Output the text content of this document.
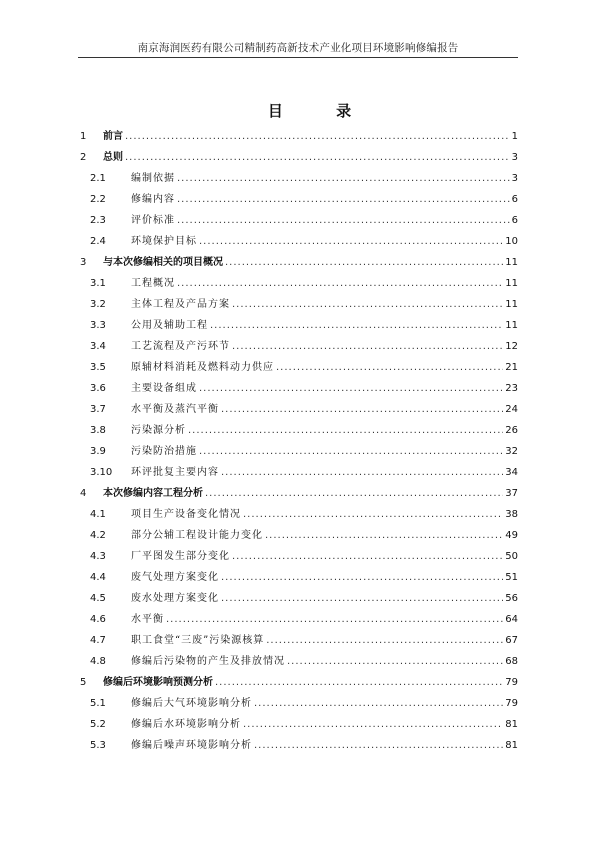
南京海润医药有限公司精制药高新技术产业化项目环境影响修编报告
目 录
1 前言 .....	1
2 总则 .....	3
2.1	编制依据 .....	3
2.2	修编内容 .....	6
2.3	评价标准 .....	6
2.4	环境保护目标 .....	10
3 与本次修编相关的项目概况 .....	11
3.1	工程概况 .....	11
3.2	主体工程及产品方案 .....	11
3.3	公用及辅助工程 .....	11
3.4	工艺流程及产污环节 .....	12
3.5	原辅材料消耗及燃料动力供应 .....	21
3.6	主要设备组成 .....	23
3.7	水平衡及蒸汽平衡 .....	24
3.8	污染源分析 .....	26
3.9	污染防治措施 .....	32
3.10 环评批复主要内容 .....	34
4 本次修编内容工程分析 .....	37
4.1	项目生产设备变化情况 .....	38
4.2	部分公辅工程设计能力变化 .....	49
4.3	厂平图发生部分变化 .....	50
4.4	废气处理方案变化 .....	51
4.5	废水处理方案变化 .....	56
4.6	水平衡 .....	64
4.7	职工食堂“三废”污染源核算 .....	67
4.8	修编后污染物的产生及排放情况 .....	68
5 修编后环境影响预测分析 .....	79
5.1	修编后大气环境影响分析 .....	79
5.2	修编后水环境影响分析 .....	81
5.3	修编后噪声环境影响分析 .....	81
